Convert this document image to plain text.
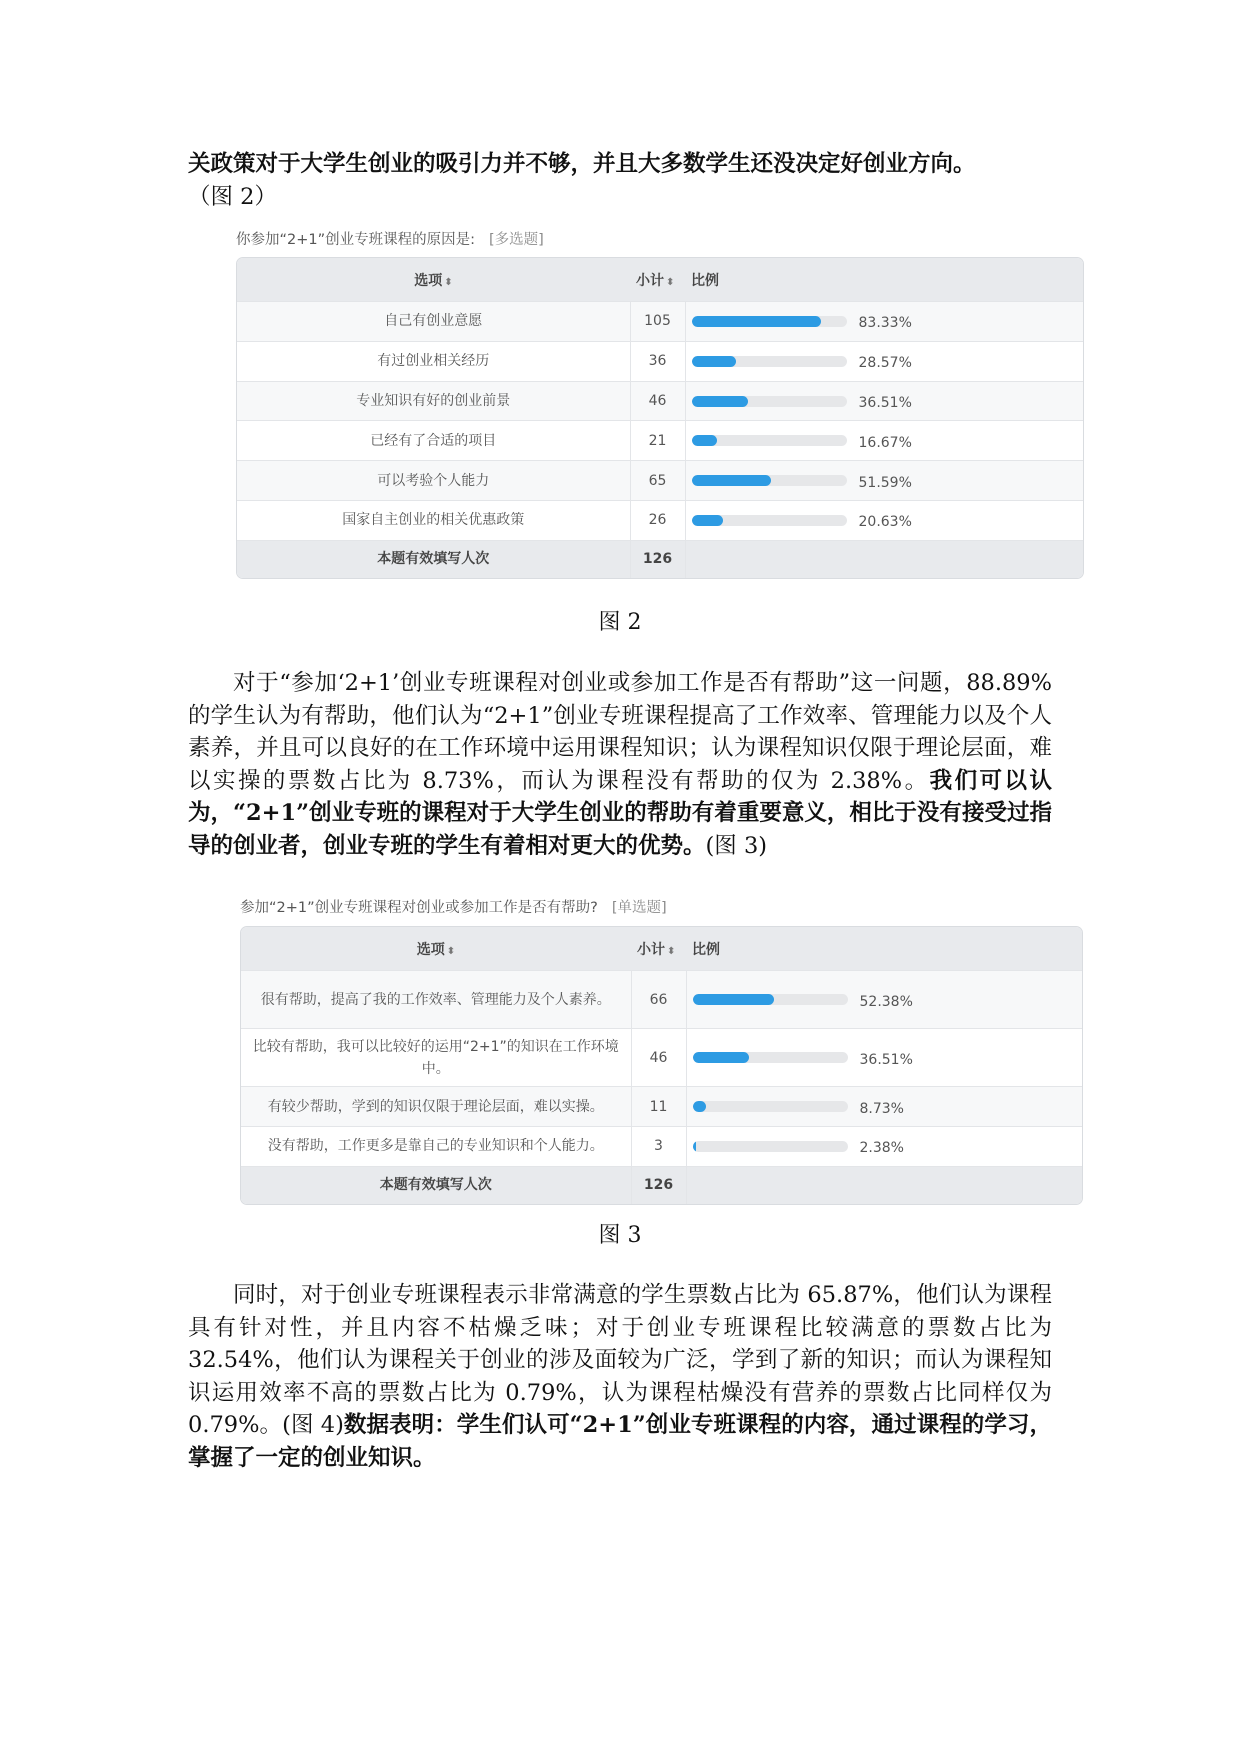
关政策对于大学生创业的吸引力并不够，并且大多数学生还没决定好创业方向。
（图 2）
你参加“2+1”创业专班课程的原因是: [多选题]
选项 ⬍	小计 ⬍	比例
自己有创业意愿	105	83.33%

有过创业相关经历	36	28.57%

专业知识有好的创业前景	46	36.51%

已经有了合适的项目	21	16.67%

可以考验个人能力	65	51.59%

国家自主创业的相关优惠政策	26	20.63%

本题有效填写人次	126	
图 2
对于“参加‘2+1’创业专班课程对创业或参加工作是否有帮助”这一问题，88.89%的学生认为有帮助，他们认为“2+1”创业专班课程提高了工作效率、管理能力以及个人素养，并且可以良好的在工作环境中运用课程知识；认为课程知识仅限于理论层面，难以实操的票数占比为 8.73%，而认为课程没有帮助的仅为 2.38%。我们可以认为，“2+1”创业专班的课程对于大学生创业的帮助有着重要意义，相比于没有接受过指导的创业者，创业专班的学生有着相对更大的优势。(图 3)
参加“2+1”创业专班课程对创业或参加工作是否有帮助? [单选题]
选项 ⬍	小计 ⬍	比例
很有帮助，提高了我的工作效率、管理能力及个人素养。	66	52.38%

比较有帮助，我可以比较好的运用“2+1”的知识在工作环境中。	46	36.51%

有较少帮助，学到的知识仅限于理论层面，难以实操。	11	8.73%

没有帮助，工作更多是靠自己的专业知识和个人能力。	3	2.38%

本题有效填写人次	126	
图 3
同时，对于创业专班课程表示非常满意的学生票数占比为 65.87%，他们认为课程具有针对性，并且内容不枯燥乏味；对于创业专班课程比较满意的票数占比为 32.54%，他们认为课程关于创业的涉及面较为广泛，学到了新的知识；而认为课程知识运用效率不高的票数占比为 0.79%，认为课程枯燥没有营养的票数占比同样仅为 0.79%。(图 4)数据表明：学生们认可“2+1”创业专班课程的内容，通过课程的学习，掌握了一定的创业知识。
